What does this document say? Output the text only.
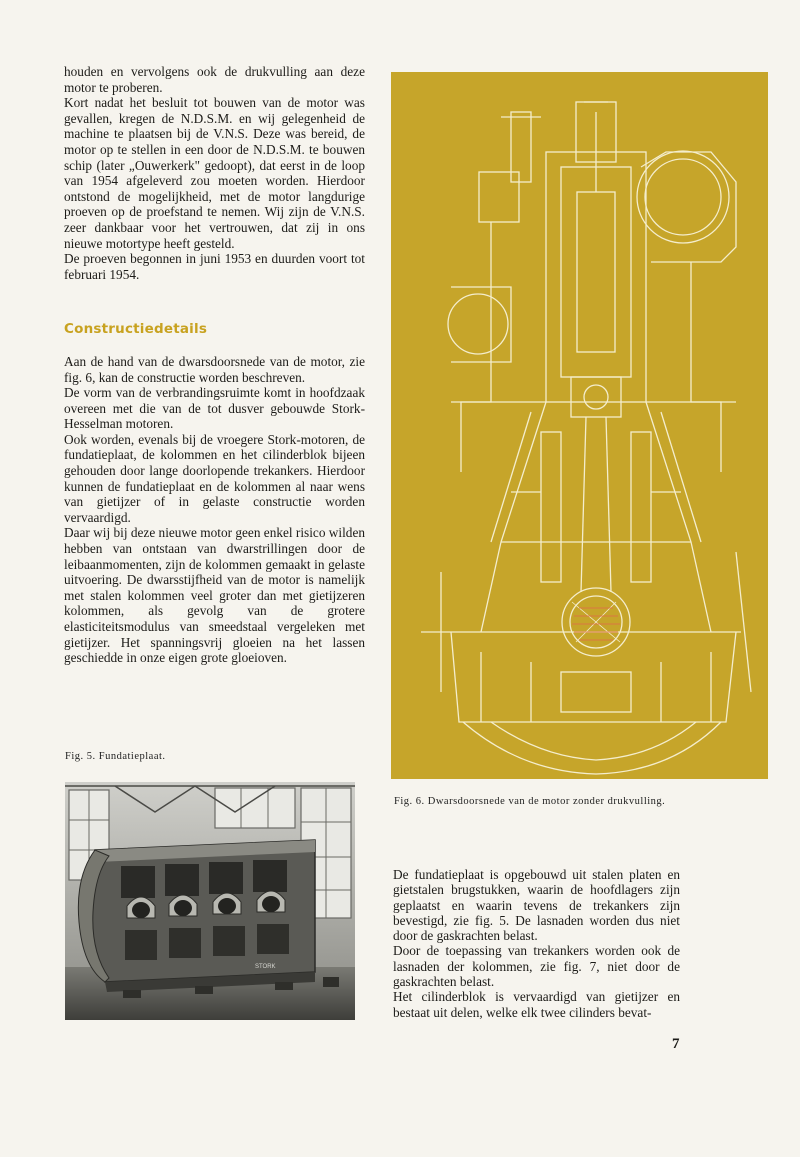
houden en vervolgens ook de drukvulling aan deze motor te proberen.

Kort nadat het besluit tot bouwen van de motor was gevallen, kregen de N.D.S.M. en wij gelegenheid de machine te plaatsen bij de V.N.S. Deze was bereid, de motor op te stellen in een door de N.D.S.M. te bouwen schip (later „Ouwerkerk" gedoopt), dat eerst in de loop van 1954 afgeleverd zou moeten worden. Hierdoor ontstond de mogelijkheid, met de motor langdurige proeven op de proefstand te nemen. Wij zijn de V.N.S. zeer dankbaar voor het vertrouwen, dat zij in ons nieuwe motortype heeft gesteld.

De proeven begonnen in juni 1953 en duurden voort tot februari 1954.

Constructiedetails

Aan de hand van de dwarsdoorsnede van de motor, zie fig. 6, kan de constructie worden beschreven.

De vorm van de verbrandingsruimte komt in hoofdzaak overeen met die van de tot dusver gebouwde Stork-Hesselman motoren.

Ook worden, evenals bij de vroegere Stork-motoren, de fundatieplaat, de kolommen en het cilinderblok bijeen gehouden door lange doorlopende trekankers. Hierdoor kunnen de fundatieplaat en de kolommen al naar wens van gietijzer of in gelaste constructie worden vervaardigd.

Daar wij bij deze nieuwe motor geen enkel risico wilden hebben van ontstaan van dwarstrillingen door de leibaanmomenten, zijn de kolommen gemaakt in gelaste uitvoering. De dwarsstijfheid van de motor is namelijk met stalen kolommen veel groter dan met gietijzeren kolommen, als gevolg van de grotere elasticiteitsmodulus van smeedstaal vergeleken met gietijzer. Het spanningsvrij gloeien na het lassen geschiedde in onze eigen grote gloeioven.

Fig. 5. Fundatieplaat.
STORK
Fig. 6. Dwarsdoorsnede van de motor zonder drukvulling.

De fundatieplaat is opgebouwd uit stalen platen en gietstalen brugstukken, waarin de hoofdlagers zijn geplaatst en waarin tevens de trekankers zijn bevestigd, zie fig. 5. De lasnaden worden dus niet door de gaskrachten belast.

Door de toepassing van trekankers worden ook de lasnaden der kolommen, zie fig. 7, niet door de gaskrachten belast.

Het cilinderblok is vervaardigd van gietijzer en bestaat uit delen, welke elk twee cilinders bevat-

7
